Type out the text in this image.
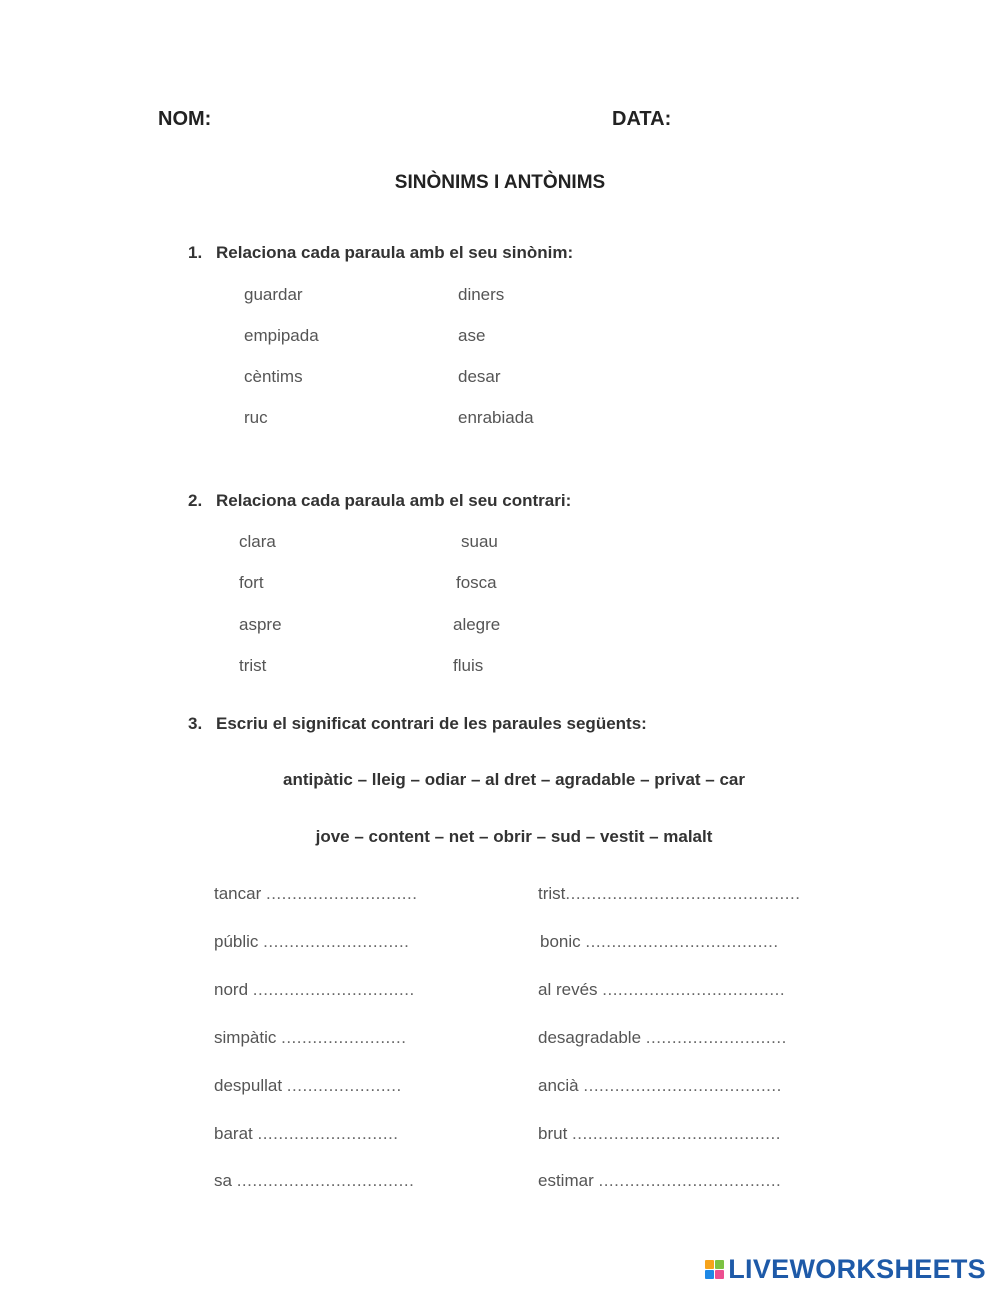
NOM:	DATA:
SINÒNIMS I ANTÒNIMS
1. Relaciona cada paraula amb el seu sinònim:
guardar
empipada
cèntims
ruc
diners
ase
desar
enrabiada
2. Relaciona cada paraula amb el seu contrari:
clara
fort
aspre
trist
suau
fosca
alegre
fluis
3. Escriu el significat contrari de les paraules següents:
antipàtic – lleig – odiar – al dret – agradable – privat – car
jove – content – net – obrir – sud – vestit – malalt
tancar .............................
públic ............................
nord ...............................
simpàtic ........................
despullat ......................
barat ...........................
sa ..................................
trist.............................................
bonic .....................................
al revés ...................................
desagradable ...........................
ancià ......................................
brut ........................................
estimar ...................................
LIVEWORKSHEETS
